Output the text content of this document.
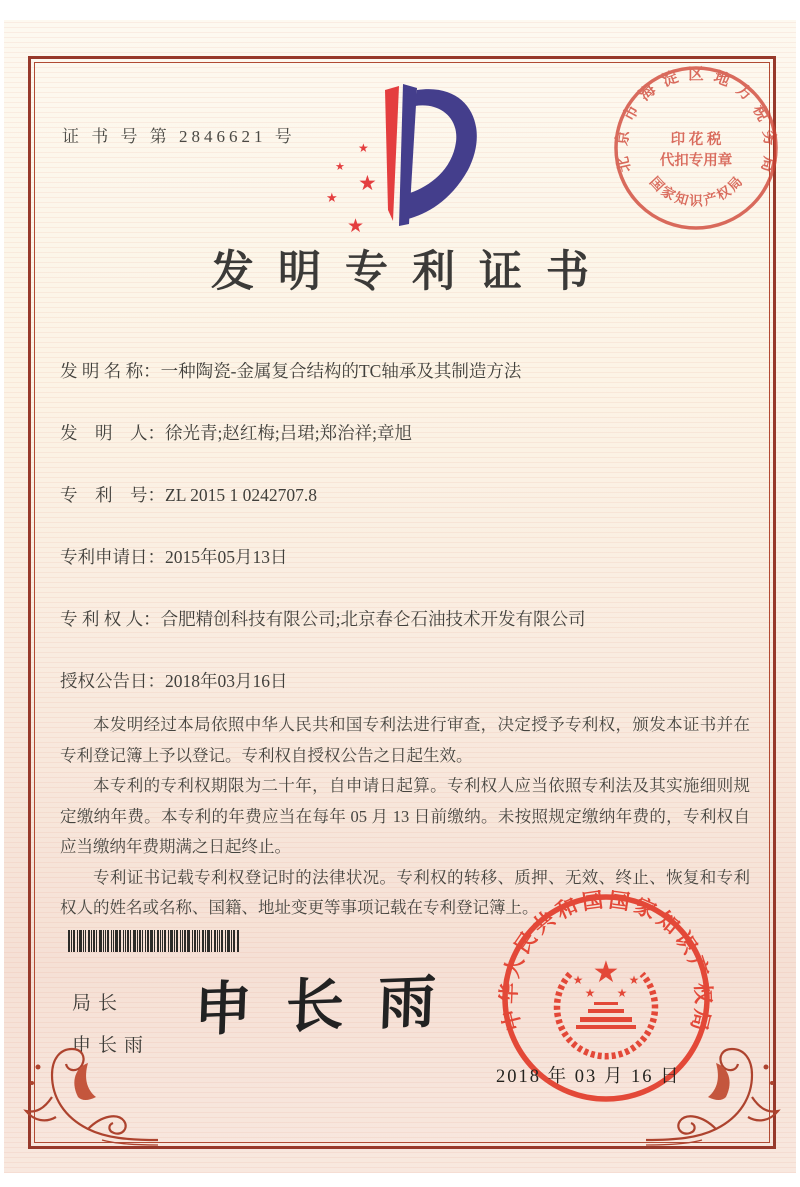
证 书 号 第 2846621 号
★
★
★
★
★
北京市海淀区地方税务局
国家知识产权局
印 花 税
代扣专用章
发明专利证书
发 明 名 称：一种陶瓷-金属复合结构的TC轴承及其制造方法
发　明　人：徐光青;赵红梅;吕珺;郑治祥;章旭
专　利　号：ZL 2015 1 0242707.8
专利申请日：2015年05月13日
专 利 权 人：合肥精创科技有限公司;北京春仑石油技术开发有限公司
授权公告日：2018年03月16日

本发明经过本局依照中华人民共和国专利法进行审查，决定授予专利权，颁发本证书并在专利登记簿上予以登记。专利权自授权公告之日起生效。

本专利的专利权期限为二十年，自申请日起算。专利权人应当依照专利法及其实施细则规定缴纳年费。本专利的年费应当在每年 05 月 13 日前缴纳。未按照规定缴纳年费的，专利权自应当缴纳年费期满之日起终止。

专利证书记载专利权登记时的法律状况。专利权的转移、质押、无效、终止、恢复和专利权人的姓名或名称、国籍、地址变更等事项记载在专利登记簿上。

局长
申长雨
申长雨 中华人民共和国国家知识产权局
★
★	★
★ ★
2018 年 03 月 16 日
